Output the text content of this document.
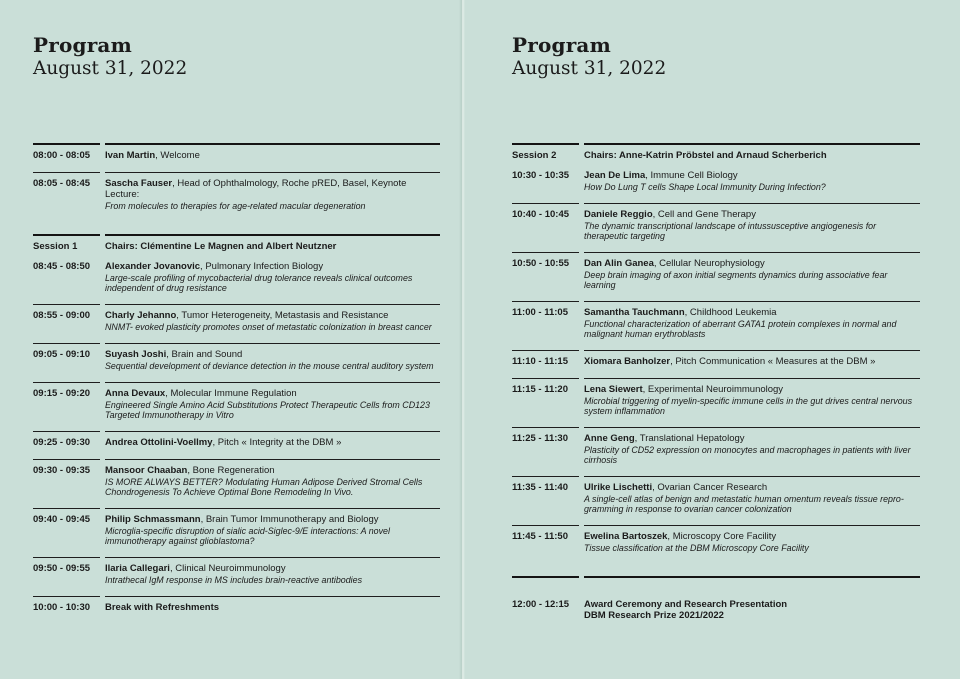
Program
August 31, 2022
08:00 - 08:05	Ivan Martin, Welcome
08:05 - 08:45	Sascha Fauser, Head of Ophthalmology, Roche pRED, Basel, Keynote Lecture:
From molecules to therapies for age-related macular degeneration
Session 1	Chairs: Clémentine Le Magnen and Albert Neutzner
08:45 - 08:50	Alexander Jovanovic, Pulmonary Infection Biology
Large-scale profiling of mycobacterial drug tolerance reveals clinical outcomes independent of drug resistance
08:55 - 09:00	Charly Jehanno, Tumor Heterogeneity, Metastasis and Resistance
NNMT- evoked plasticity promotes onset of metastatic colonization in breast cancer
09:05 - 09:10	Suyash Joshi, Brain and Sound
Sequential development of deviance detection in the mouse central auditory system
09:15 - 09:20	Anna Devaux, Molecular Immune Regulation
Engineered Single Amino Acid Substitutions Protect Therapeutic Cells from CD123 Targeted Immunotherapy in Vitro
09:25 - 09:30	Andrea Ottolini-Voellmy, Pitch « Integrity at the DBM »
09:30 - 09:35	Mansoor Chaaban, Bone Regeneration
IS MORE ALWAYS BETTER? Modulating Human Adipose Derived Stromal Cells Chondrogenesis To Achieve Optimal Bone Remodeling In Vivo.
09:40 - 09:45	Philip Schmassmann, Brain Tumor Immunotherapy and Biology
Microglia-specific disruption of sialic acid-Siglec-9/E interactions: A novel immunotherapy against glioblastoma?
09:50 - 09:55	Ilaria Callegari, Clinical Neuroimmunology
Intrathecal IgM response in MS includes brain-reactive antibodies
10:00 - 10:30	Break with Refreshments
Program
August 31, 2022
Session 2	Chairs: Anne-Katrin Pröbstel and Arnaud Scherberich
10:30 - 10:35	Jean De Lima, Immune Cell Biology
How Do Lung T cells Shape Local Immunity During Infection?
10:40 - 10:45	Daniele Reggio, Cell and Gene Therapy
The dynamic transcriptional landscape of intussusceptive angiogenesis for therapeutic targeting
10:50 - 10:55	Dan Alin Ganea, Cellular Neurophysiology
Deep brain imaging of axon initial segments dynamics during associative fear learning
11:00 - 11:05	Samantha Tauchmann, Childhood Leukemia
Functional characterization of aberrant GATA1 protein complexes in normal and malignant human erythroblasts
11:10 - 11:15	Xiomara Banholzer, Pitch Communication « Measures at the DBM »
11:15 - 11:20	Lena Siewert, Experimental Neuroimmunology
Microbial triggering of myelin-specific immune cells in the gut drives central nervous system inflammation
11:25 - 11:30	Anne Geng, Translational Hepatology
Plasticity of CD52 expression on monocytes and macrophages in patients with liver cirrhosis
11:35 - 11:40	Ulrike Lischetti, Ovarian Cancer Research
A single-cell atlas of benign and metastatic human omentum reveals tissue repro-gramming in response to ovarian cancer colonization
11:45 - 11:50	Ewelina Bartoszek, Microscopy Core Facility
Tissue classification at the DBM Microscopy Core Facility
12:00 - 12:15	Award Ceremony and Research Presentation
DBM Research Prize 2021/2022
